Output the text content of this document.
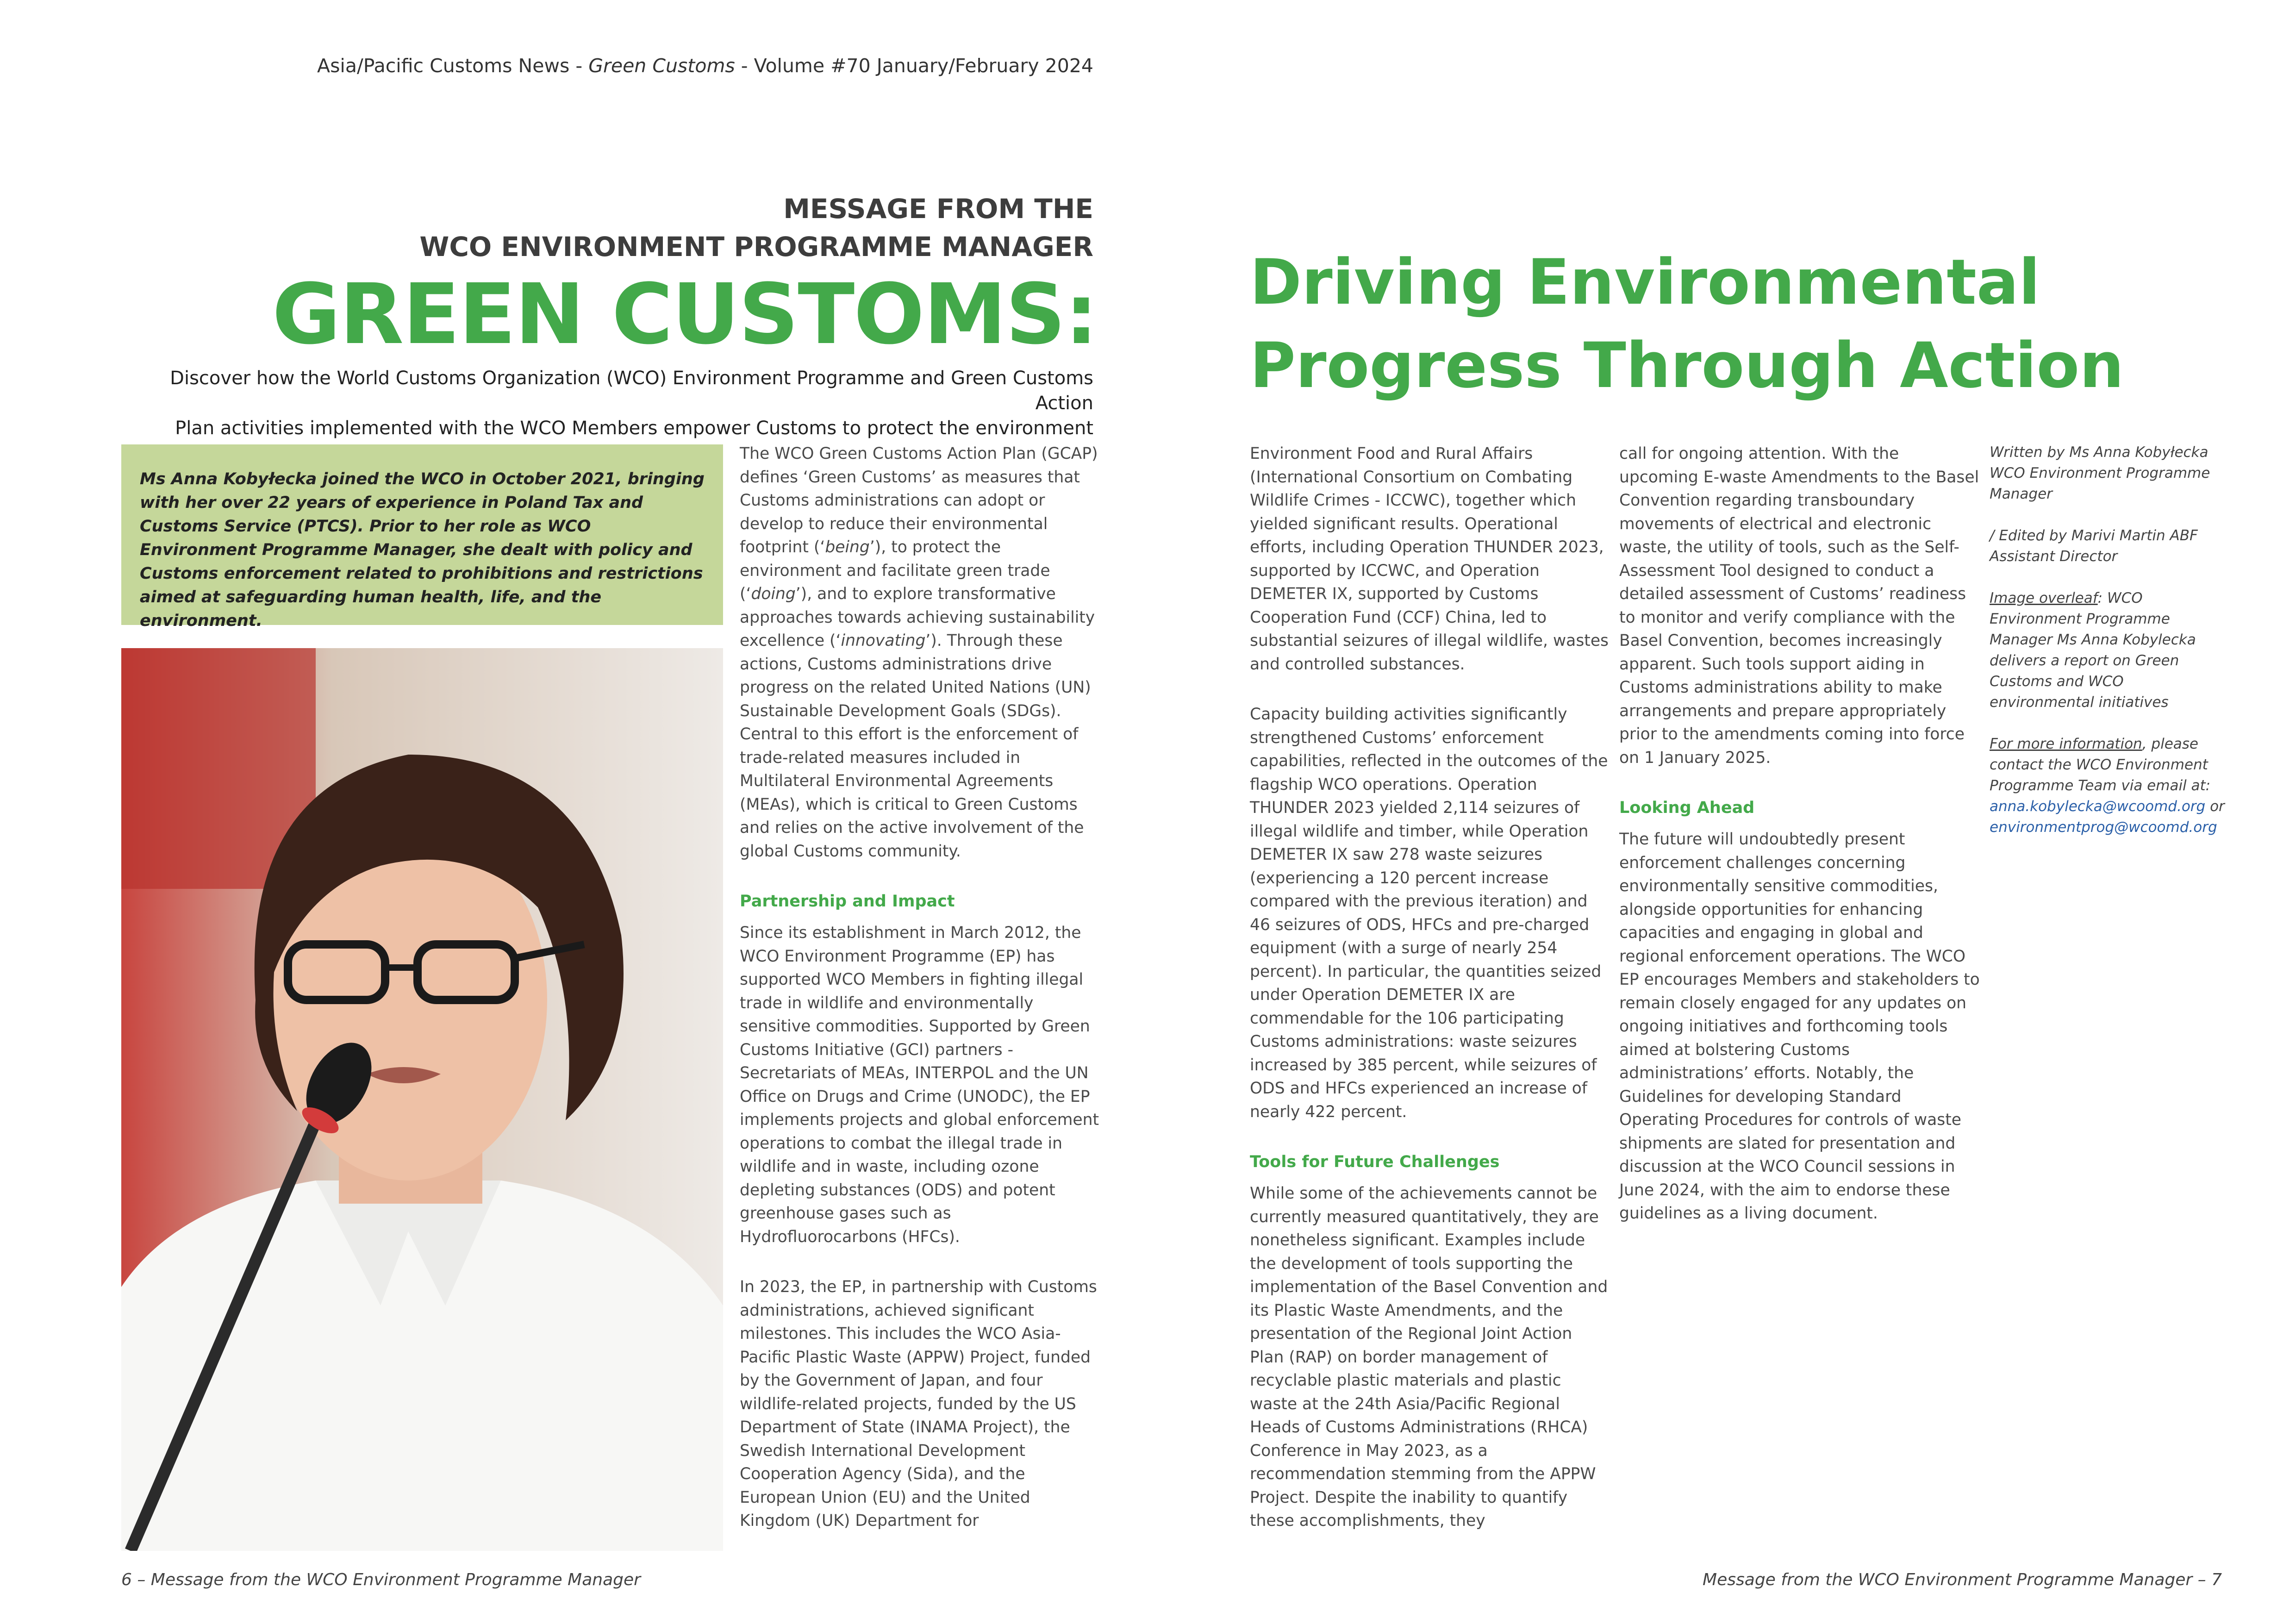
Asia/Pacific Customs News - Green Customs - Volume #70 January/February 2024
MESSAGE FROM THE
WCO ENVIRONMENT PROGRAMME MANAGER
GREEN CUSTOMS:
Discover how the World Customs Organization (WCO) Environment Programme and Green Customs Action
Plan activities implemented with the WCO Members empower Customs to protect the environment
Driving Environmental
Progress Through Action
Ms Anna Kobyłecka joined the WCO in October 2021, bringing with her over 22 years of experience in Poland Tax and Customs Service (PTCS). Prior to her role as WCO Environment Programme Manager, she dealt with policy and Customs enforcement related to prohibitions and restrictions aimed at safeguarding human health, life, and the environment.

The WCO Green Customs Action Plan (GCAP) defines ‘Green Customs’ as measures that Customs administrations can adopt or develop to reduce their environmental footprint (‘being’), to protect the environment and facilitate green trade (‘doing’), and to explore transformative approaches towards achieving sustainability excellence (‘innovating’). Through these actions, Customs administrations drive progress on the related United Nations (UN) Sustainable Development Goals (SDGs). Central to this effort is the enforcement of trade-related measures included in Multilateral Environmental Agreements (MEAs), which is critical to Green Customs and relies on the active involvement of the global Customs community.

Partnership and Impact

Since its establishment in March 2012, the WCO Environment Programme (EP) has supported WCO Members in fighting illegal trade in wildlife and environmentally sensitive commodities. Supported by Green Customs Initiative (GCI) partners - Secretariats of MEAs, INTERPOL and the UN Office on Drugs and Crime (UNODC), the EP implements projects and global enforcement operations to combat the illegal trade in wildlife and in waste, including ozone depleting substances (ODS) and potent greenhouse gases such as Hydrofluorocarbons (HFCs).

In 2023, the EP, in partnership with Customs administrations, achieved significant milestones. This includes the WCO Asia-Pacific Plastic Waste (APPW) Project, funded by the Government of Japan, and four wildlife-related projects, funded by the US Department of State (INAMA Project), the Swedish International Development Cooperation Agency (Sida), and the European Union (EU) and the United Kingdom (UK) Department for

Environment Food and Rural Affairs (International Consortium on Combating Wildlife Crimes - ICCWC), together which yielded significant results. Operational efforts, including Operation THUNDER 2023, supported by ICCWC, and Operation DEMETER IX, supported by Customs Cooperation Fund (CCF) China, led to substantial seizures of illegal wildlife, wastes and controlled substances.

Capacity building activities significantly strengthened Customs’ enforcement capabilities, reflected in the outcomes of the flagship WCO operations. Operation THUNDER 2023 yielded 2,114 seizures of illegal wildlife and timber, while Operation DEMETER IX saw 278 waste seizures (experiencing a 120 percent increase compared with the previous iteration) and 46 seizures of ODS, HFCs and pre-charged equipment (with a surge of nearly 254 percent). In particular, the quantities seized under Operation DEMETER IX are commendable for the 106 participating Customs administrations: waste seizures increased by 385 percent, while seizures of ODS and HFCs experienced an increase of nearly 422 percent.

Tools for Future Challenges

While some of the achievements cannot be currently measured quantitatively, they are nonetheless significant. Examples include the development of tools supporting the implementation of the Basel Convention and its Plastic Waste Amendments, and the presentation of the Regional Joint Action Plan (RAP) on border management of recyclable plastic materials and plastic waste at the 24th Asia/Pacific Regional Heads of Customs Administrations (RHCA) Conference in May 2023, as a recommendation stemming from the APPW Project. Despite the inability to quantify these accomplishments, they

call for ongoing attention. With the upcoming E-waste Amendments to the Basel Convention regarding transboundary movements of electrical and electronic waste, the utility of tools, such as the Self-Assessment Tool designed to conduct a detailed assessment of Customs’ readiness to monitor and verify compliance with the Basel Convention, becomes increasingly apparent. Such tools support aiding in Customs administrations ability to make arrangements and prepare appropriately prior to the amendments coming into force on 1 January 2025.

Looking Ahead

The future will undoubtedly present enforcement challenges concerning environmentally sensitive commodities, alongside opportunities for enhancing capacities and engaging in global and regional enforcement operations. The WCO EP encourages Members and stakeholders to remain closely engaged for any updates on ongoing initiatives and forthcoming tools aimed at bolstering Customs administrations’ efforts. Notably, the Guidelines for developing Standard Operating Procedures for controls of waste shipments are slated for presentation and discussion at the WCO Council sessions in June 2024, with the aim to endorse these guidelines as a living document.

Written by Ms Anna Kobyłecka WCO Environment Programme Manager

/ Edited by Marivi Martin ABF Assistant Director

Image overleaf: WCO Environment Programme Manager Ms Anna Kobylecka delivers a report on Green Customs and WCO environmental initiatives

For more information, please contact the WCO Environment Programme Team via email at: anna.kobylecka@wcoomd.org or environmentprog@wcoomd.org

6 – Message from the WCO Environment Programme Manager	Message from the WCO Environment Programme Manager – 7
